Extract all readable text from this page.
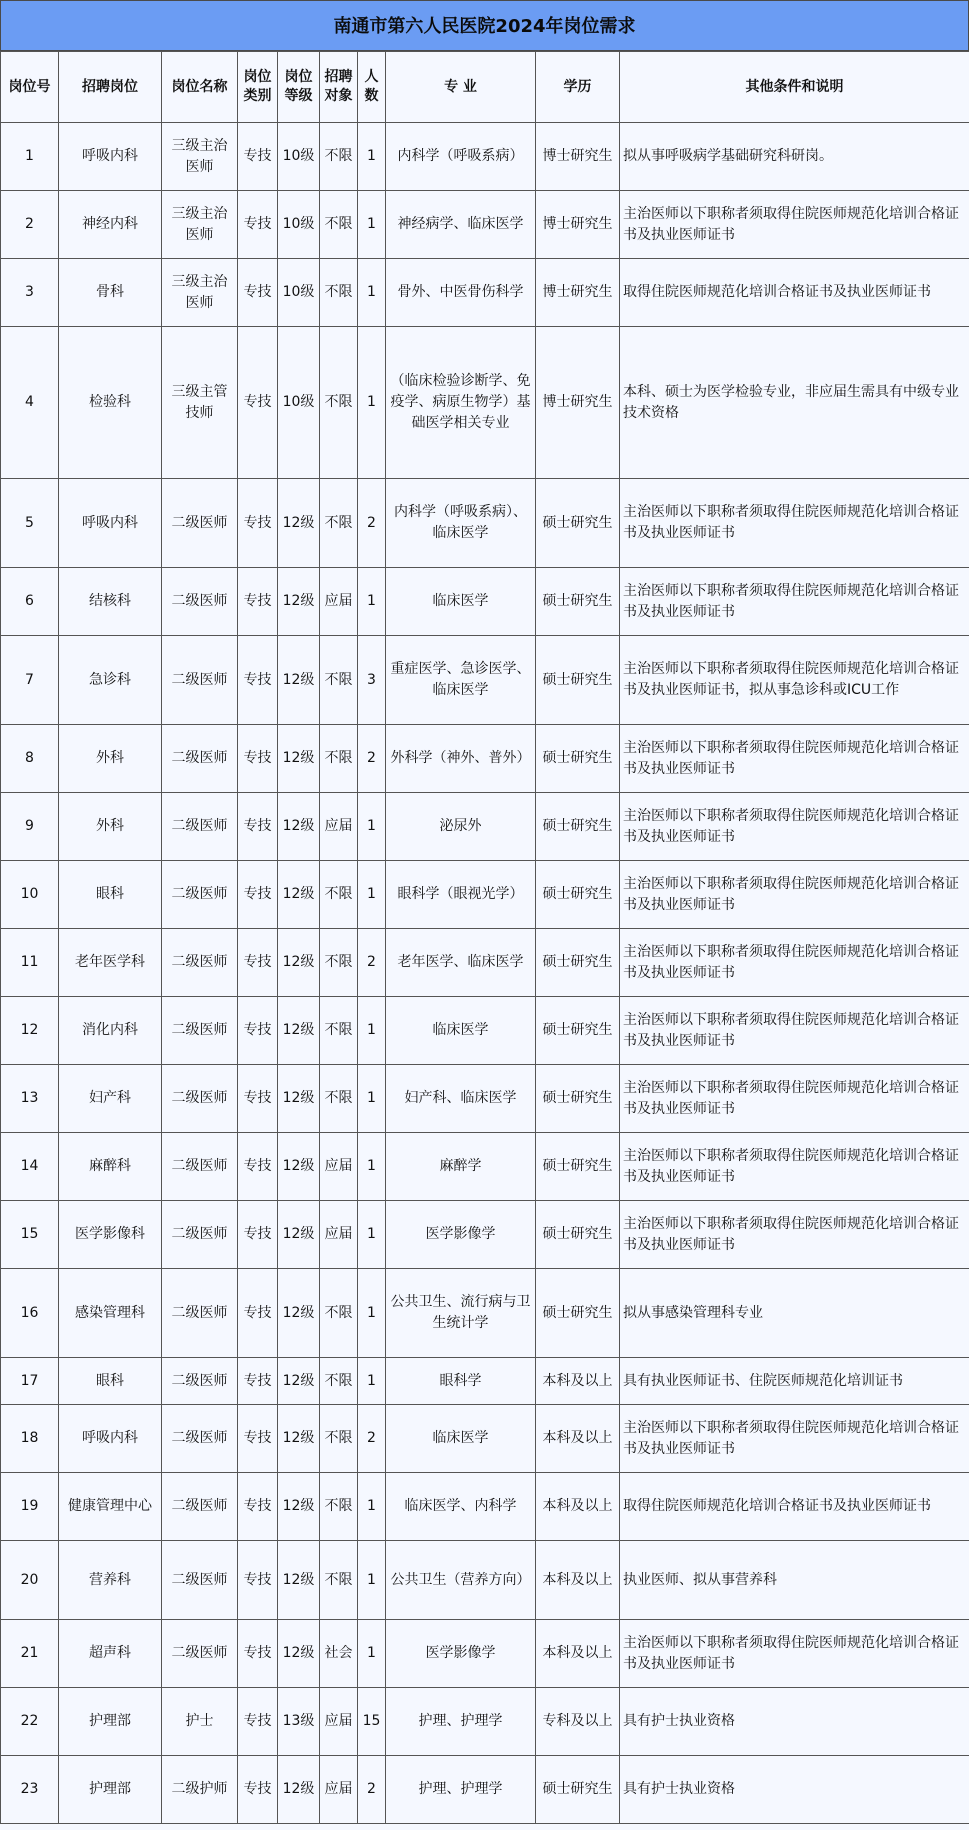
南通市第六人民医院2024年岗位需求
岗位号	招聘岗位	岗位名称	岗位类别	岗位等级	招聘对象	人数	专 业	学历	其他条件和说明
1	呼吸内科	三级主治医师	专技	10级	不限	1	内科学（呼吸系病）	博士研究生	拟从事呼吸病学基础研究科研岗。
2	神经内科	三级主治医师	专技	10级	不限	1	神经病学、临床医学	博士研究生	主治医师以下职称者须取得住院医师规范化培训合格证书及执业医师证书
3	骨科	三级主治医师	专技	10级	不限	1	骨外、中医骨伤科学	博士研究生	取得住院医师规范化培训合格证书及执业医师证书
4	检验科	三级主管技师	专技	10级	不限	1	（临床检验诊断学、免疫学、病原生物学）基础医学相关专业	博士研究生	本科、硕士为医学检验专业，非应届生需具有中级专业技术资格
5	呼吸内科	二级医师	专技	12级	不限	2	内科学（呼吸系病）、临床医学	硕士研究生	主治医师以下职称者须取得住院医师规范化培训合格证书及执业医师证书
6	结核科	二级医师	专技	12级	应届	1	临床医学	硕士研究生	主治医师以下职称者须取得住院医师规范化培训合格证书及执业医师证书
7	急诊科	二级医师	专技	12级	不限	3	重症医学、急诊医学、临床医学	硕士研究生	主治医师以下职称者须取得住院医师规范化培训合格证书及执业医师证书，拟从事急诊科或ICU工作
8	外科	二级医师	专技	12级	不限	2	外科学（神外、普外）	硕士研究生	主治医师以下职称者须取得住院医师规范化培训合格证书及执业医师证书
9	外科	二级医师	专技	12级	应届	1	泌尿外	硕士研究生	主治医师以下职称者须取得住院医师规范化培训合格证书及执业医师证书
10	眼科	二级医师	专技	12级	不限	1	眼科学（眼视光学）	硕士研究生	主治医师以下职称者须取得住院医师规范化培训合格证书及执业医师证书
11	老年医学科	二级医师	专技	12级	不限	2	老年医学、临床医学	硕士研究生	主治医师以下职称者须取得住院医师规范化培训合格证书及执业医师证书
12	消化内科	二级医师	专技	12级	不限	1	临床医学	硕士研究生	主治医师以下职称者须取得住院医师规范化培训合格证书及执业医师证书
13	妇产科	二级医师	专技	12级	不限	1	妇产科、临床医学	硕士研究生	主治医师以下职称者须取得住院医师规范化培训合格证书及执业医师证书
14	麻醉科	二级医师	专技	12级	应届	1	麻醉学	硕士研究生	主治医师以下职称者须取得住院医师规范化培训合格证书及执业医师证书
15	医学影像科	二级医师	专技	12级	应届	1	医学影像学	硕士研究生	主治医师以下职称者须取得住院医师规范化培训合格证书及执业医师证书
16	感染管理科	二级医师	专技	12级	不限	1	公共卫生、流行病与卫生统计学	硕士研究生	拟从事感染管理科专业
17	眼科	二级医师	专技	12级	不限	1	眼科学	本科及以上	具有执业医师证书、住院医师规范化培训证书
18	呼吸内科	二级医师	专技	12级	不限	2	临床医学	本科及以上	主治医师以下职称者须取得住院医师规范化培训合格证书及执业医师证书
19	健康管理中心	二级医师	专技	12级	不限	1	临床医学、内科学	本科及以上	取得住院医师规范化培训合格证书及执业医师证书
20	营养科	二级医师	专技	12级	不限	1	公共卫生（营养方向）	本科及以上	执业医师、拟从事营养科
21	超声科	二级医师	专技	12级	社会	1	医学影像学	本科及以上	主治医师以下职称者须取得住院医师规范化培训合格证书及执业医师证书
22	护理部	护士	专技	13级	应届	15	护理、护理学	专科及以上	具有护士执业资格
23	护理部	二级护师	专技	12级	应届	2	护理、护理学	硕士研究生	具有护士执业资格
